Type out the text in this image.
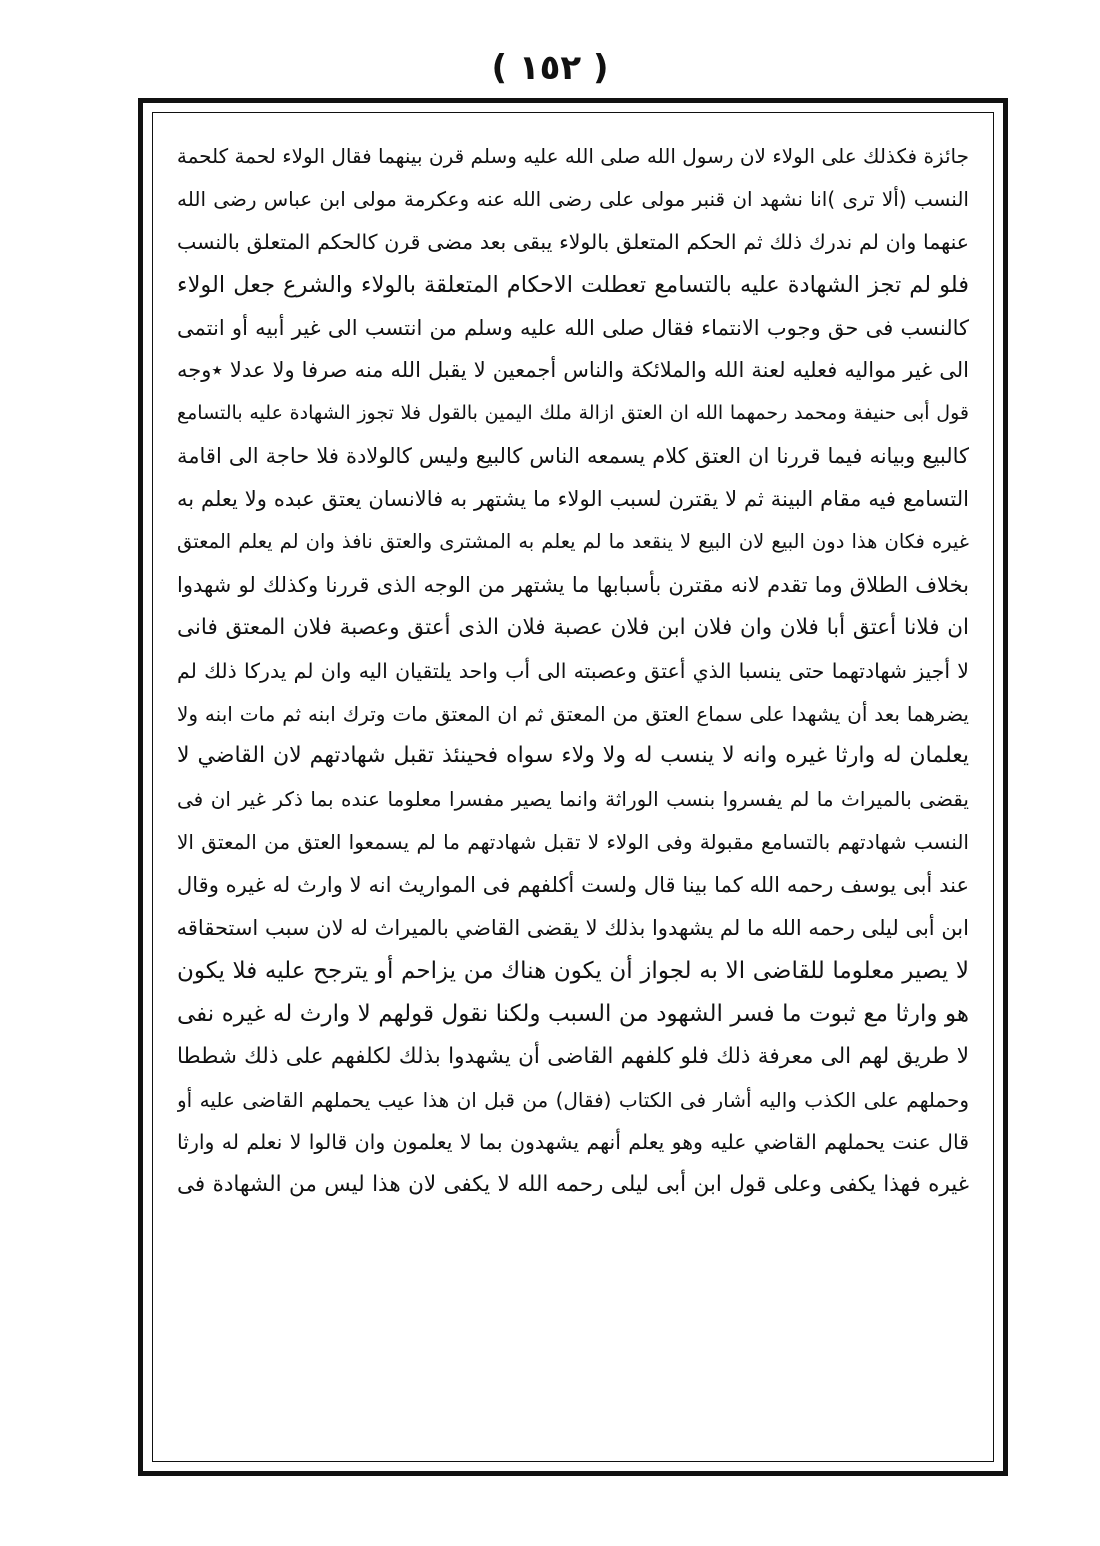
( ١٥٢ )
جائزة فكذلك على الولاء لان رسول الله صلى الله عليه وسلم قرن بينهما فقال الولاء لحمة كلحمة
النسب (ألا ترى )انا نشهد ان قنبر مولى على رضى الله عنه وعكرمة مولى ابن عباس رضى الله
عنهما وان لم ندرك ذلك ثم الحكم المتعلق بالولاء يبقى بعد مضى قرن كالحكم المتعلق بالنسب
فلو لم تجز الشهادة عليه بالتسامع تعطلت الاحكام المتعلقة بالولاء والشرع جعل الولاء
كالنسب فى حق وجوب الانتماء فقال صلى الله عليه وسلم من انتسب الى غير أبيه أو انتمى
الى غير مواليه فعليه لعنة الله والملائكة والناس أجمعين لا يقبل الله منه صرفا ولا عدلا ٭وجه
قول أبى حنيفة ومحمد رحمهما الله ان العتق ازالة ملك اليمين بالقول فلا تجوز الشهادة عليه بالتسامع
كالبيع وبيانه فيما قررنا ان العتق كلام يسمعه الناس كالبيع وليس كالولادة فلا حاجة الى اقامة
التسامع فيه مقام البينة ثم لا يقترن لسبب الولاء ما يشتهر به فالانسان يعتق عبده ولا يعلم به
غيره فكان هذا دون البيع لان البيع لا ينقعد ما لم يعلم به المشترى والعتق نافذ وان لم يعلم المعتق
بخلاف الطلاق وما تقدم لانه مقترن بأسبابها ما يشتهر من الوجه الذى قررنا وكذلك لو شهدوا
ان فلانا أعتق أبا فلان وان فلان ابن فلان عصبة فلان الذى أعتق وعصبة فلان المعتق فانى
لا أجيز شهادتهما حتى ينسبا الذي أعتق وعصبته الى أب واحد يلتقيان اليه وان لم يدركا ذلك لم
يضرهما بعد أن يشهدا على سماع العتق من المعتق ثم ان المعتق مات وترك ابنه ثم مات ابنه ولا
يعلمان له وارثا غيره وانه لا ينسب له ولا ولاء سواه فحينئذ تقبل شهادتهم لان القاضي لا
يقضى بالميراث ما لم يفسروا بنسب الوراثة وانما يصير مفسرا معلوما عنده بما ذكر غير ان فى
النسب شهادتهم بالتسامع مقبولة وفى الولاء لا تقبل شهادتهم ما لم يسمعوا العتق من المعتق الا
عند أبى يوسف رحمه الله كما بينا قال ولست أكلفهم فى المواريث انه لا وارث له غيره وقال
ابن أبى ليلى رحمه الله ما لم يشهدوا بذلك لا يقضى القاضي بالميراث له لان سبب استحقاقه
لا يصير معلوما للقاضى الا به لجواز أن يكون هناك من يزاحم أو يترجح عليه فلا يكون
هو وارثا مع ثبوت ما فسر الشهود من السبب ولكنا نقول قولهم لا وارث له غيره نفى
لا طريق لهم الى معرفة ذلك فلو كلفهم القاضى أن يشهدوا بذلك لكلفهم على ذلك شططا
وحملهم على الكذب واليه أشار فى الكتاب (فقال) من قبل ان هذا عيب يحملهم القاضى عليه أو
قال عنت يحملهم القاضي عليه وهو يعلم أنهم يشهدون بما لا يعلمون وان قالوا لا نعلم له وارثا
غيره فهذا يكفى وعلى قول ابن أبى ليلى رحمه الله لا يكفى لان هذا ليس من الشهادة فى
